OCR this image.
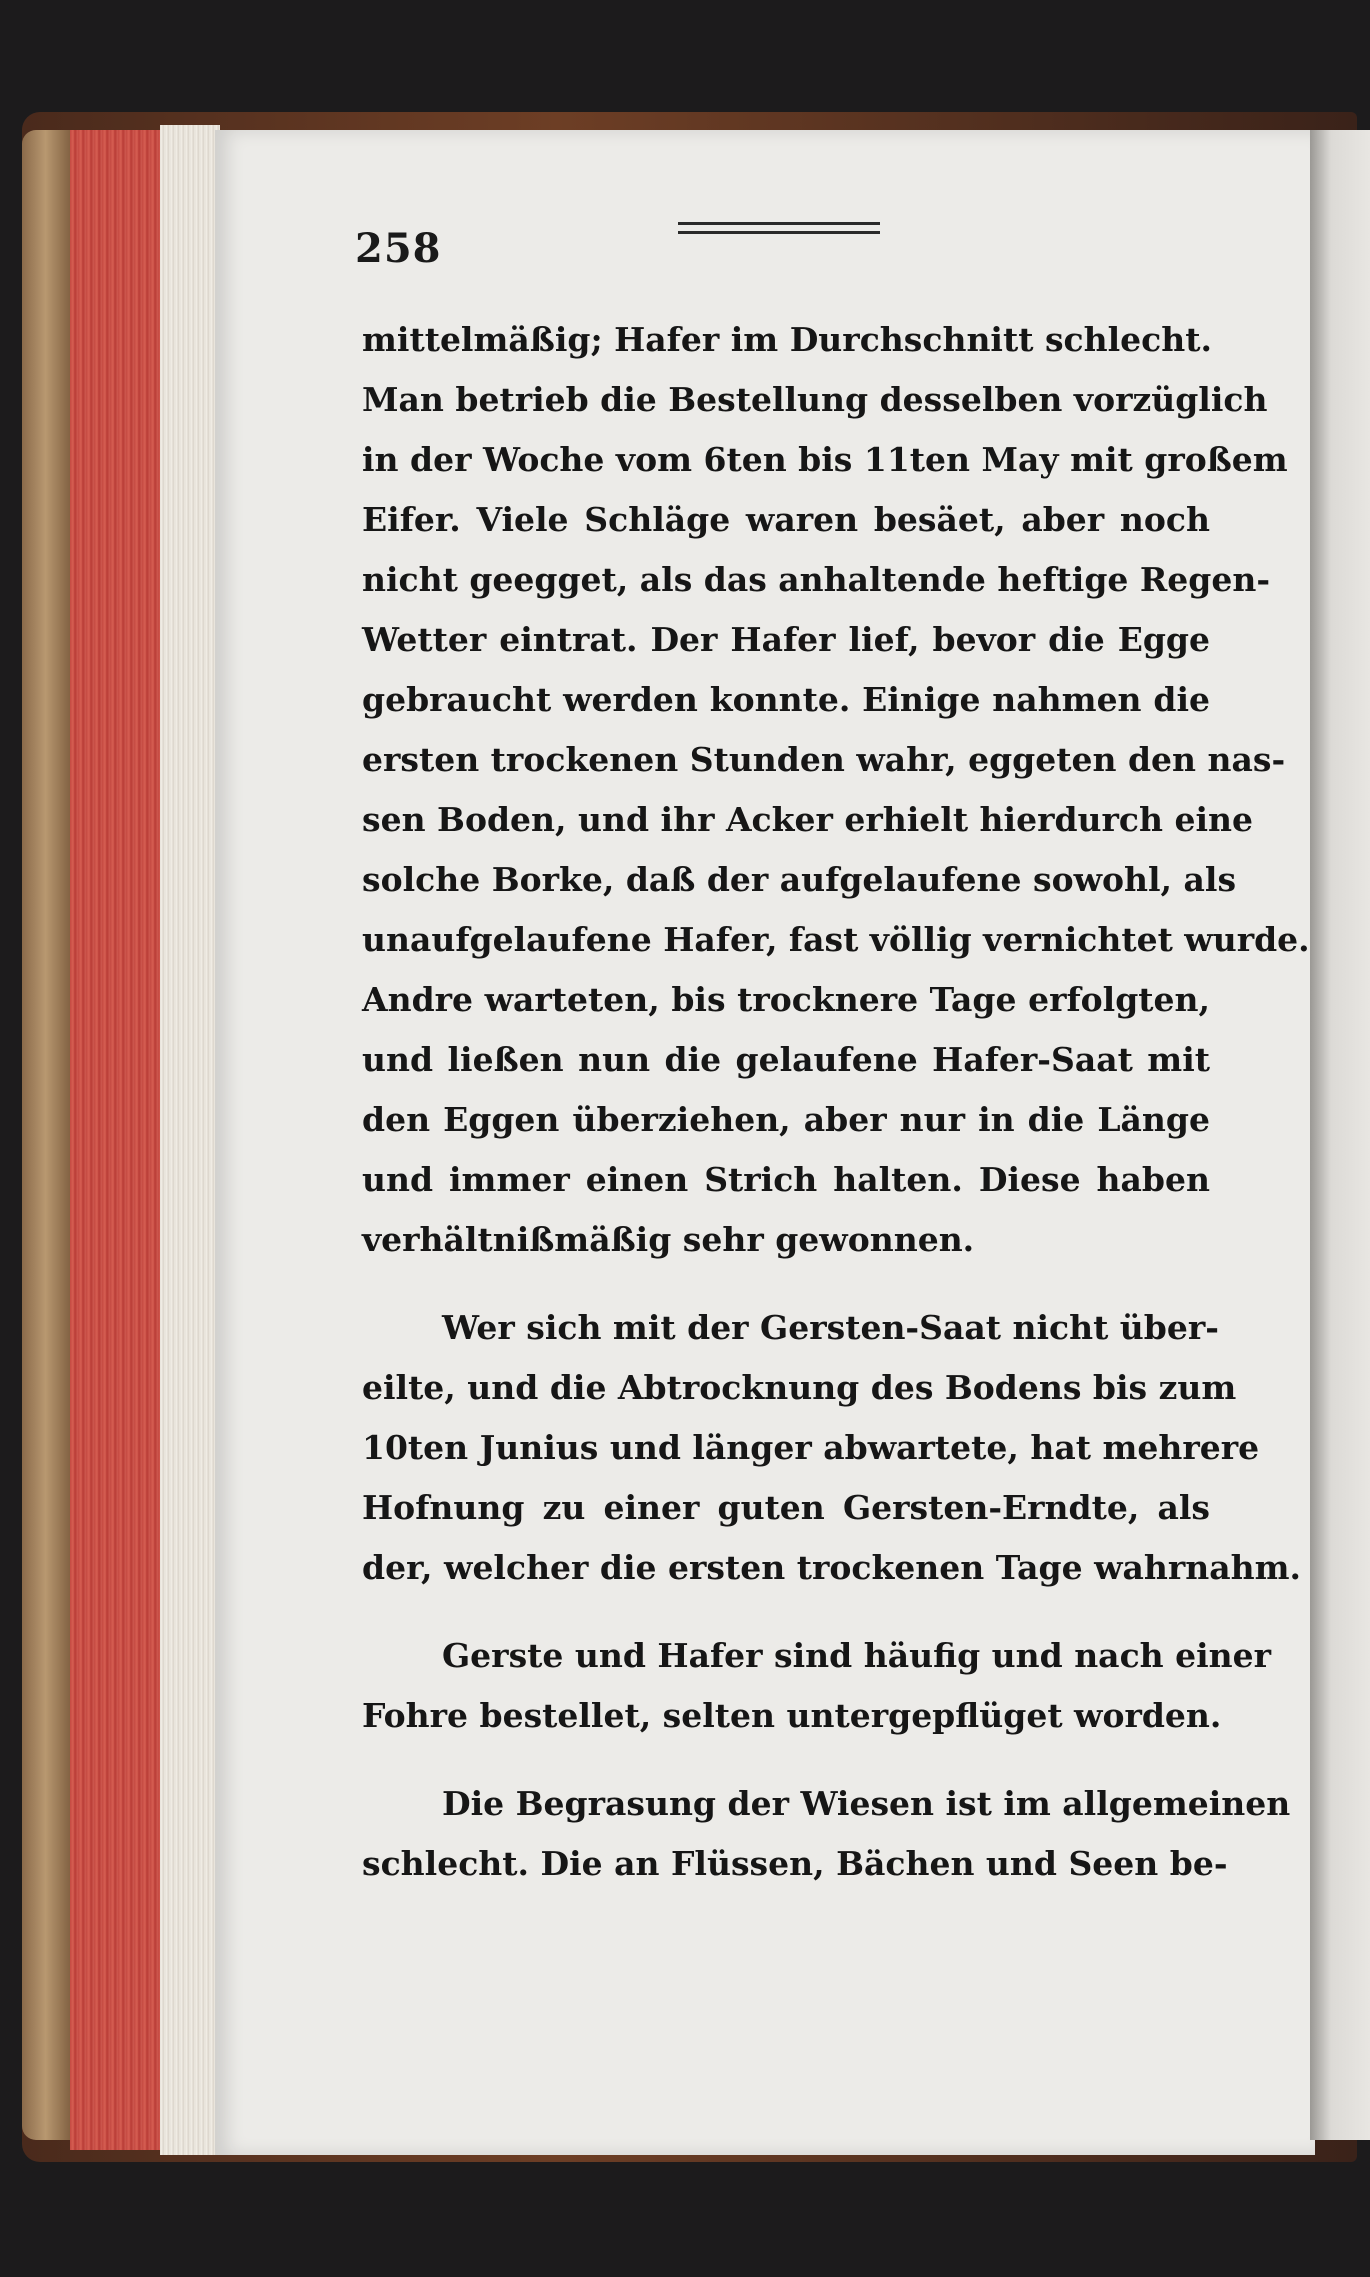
258
mittelmäßig; Hafer im Durchschnitt schlecht.
Man betrieb die Bestellung desselben vorzüglich
in der Woche vom 6ten bis 11ten May mit großem
Eifer. Viele Schläge waren besäet, aber noch
nicht geegget, als das anhaltende heftige Regen-
Wetter eintrat. Der Hafer lief, bevor die Egge
gebraucht werden konnte. Einige nahmen die
ersten trockenen Stunden wahr, eggeten den nas-
sen Boden, und ihr Acker erhielt hierdurch eine
solche Borke, daß der aufgelaufene sowohl, als
unaufgelaufene Hafer, fast völlig vernichtet wurde.
Andre warteten, bis trocknere Tage erfolgten,
und ließen nun die gelaufene Hafer-Saat mit
den Eggen überziehen, aber nur in die Länge
und immer einen Strich halten. Diese haben
verhältnißmäßig sehr gewonnen.
Wer sich mit der Gersten-Saat nicht über-
eilte, und die Abtrocknung des Bodens bis zum
10ten Junius und länger abwartete, hat mehrere
Hofnung zu einer guten Gersten-Erndte, als
der, welcher die ersten trockenen Tage wahrnahm.
Gerste und Hafer sind häufig und nach einer
Fohre bestellet, selten untergepflüget worden.
Die Begrasung der Wiesen ist im allgemeinen
schlecht. Die an Flüssen, Bächen und Seen be-
